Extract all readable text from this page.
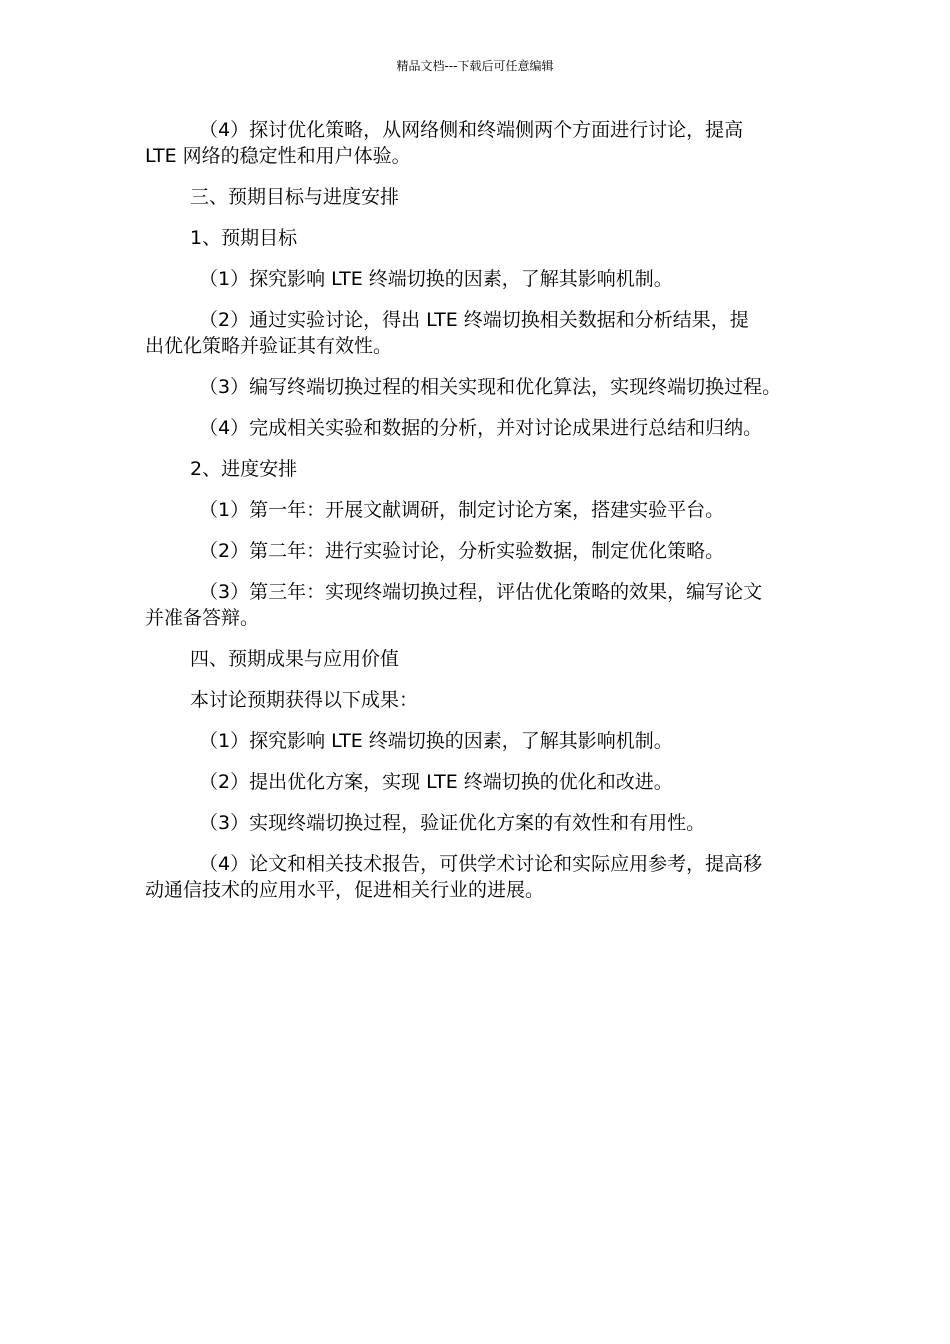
精品文档---下载后可任意编辑
（4）探讨优化策略，从网络侧和终端侧两个方面进行讨论，提高
LTE 网络的稳定性和用户体验。
三、预期目标与进度安排
1、预期目标
（1）探究影响 LTE 终端切换的因素，了解其影响机制。
（2）通过实验讨论，得出 LTE 终端切换相关数据和分析结果，提
出优化策略并验证其有效性。
（3）编写终端切换过程的相关实现和优化算法，实现终端切换过程。
（4）完成相关实验和数据的分析，并对讨论成果进行总结和归纳。
2、进度安排
（1）第一年：开展文献调研，制定讨论方案，搭建实验平台。
（2）第二年：进行实验讨论，分析实验数据，制定优化策略。
（3）第三年：实现终端切换过程，评估优化策略的效果，编写论文
并准备答辩。
四、预期成果与应用价值
本讨论预期获得以下成果：
（1）探究影响 LTE 终端切换的因素，了解其影响机制。
（2）提出优化方案，实现 LTE 终端切换的优化和改进。
（3）实现终端切换过程，验证优化方案的有效性和有用性。
（4）论文和相关技术报告，可供学术讨论和实际应用参考，提高移
动通信技术的应用水平，促进相关行业的进展。
